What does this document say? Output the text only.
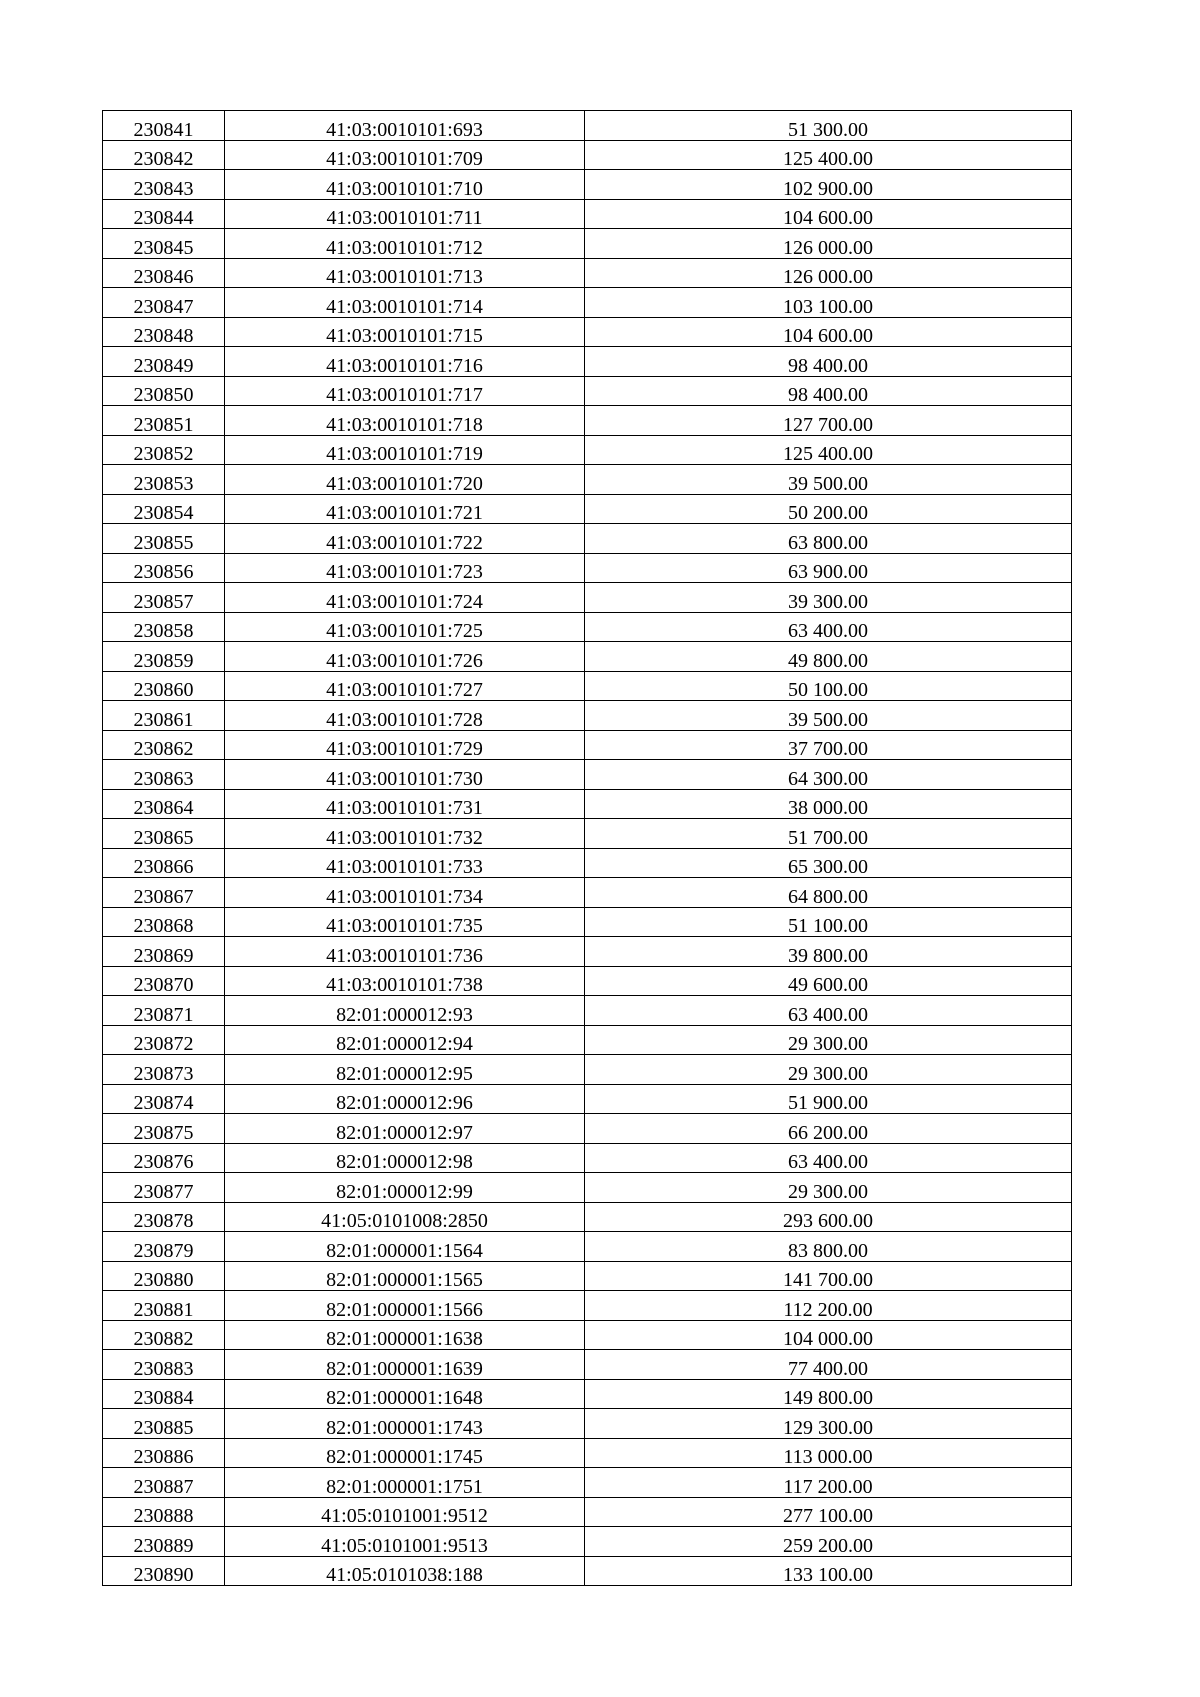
230841	41:03:0010101:693	51 300.00
230842	41:03:0010101:709	125 400.00
230843	41:03:0010101:710	102 900.00
230844	41:03:0010101:711	104 600.00
230845	41:03:0010101:712	126 000.00
230846	41:03:0010101:713	126 000.00
230847	41:03:0010101:714	103 100.00
230848	41:03:0010101:715	104 600.00
230849	41:03:0010101:716	98 400.00
230850	41:03:0010101:717	98 400.00
230851	41:03:0010101:718	127 700.00
230852	41:03:0010101:719	125 400.00
230853	41:03:0010101:720	39 500.00
230854	41:03:0010101:721	50 200.00
230855	41:03:0010101:722	63 800.00
230856	41:03:0010101:723	63 900.00
230857	41:03:0010101:724	39 300.00
230858	41:03:0010101:725	63 400.00
230859	41:03:0010101:726	49 800.00
230860	41:03:0010101:727	50 100.00
230861	41:03:0010101:728	39 500.00
230862	41:03:0010101:729	37 700.00
230863	41:03:0010101:730	64 300.00
230864	41:03:0010101:731	38 000.00
230865	41:03:0010101:732	51 700.00
230866	41:03:0010101:733	65 300.00
230867	41:03:0010101:734	64 800.00
230868	41:03:0010101:735	51 100.00
230869	41:03:0010101:736	39 800.00
230870	41:03:0010101:738	49 600.00
230871	82:01:000012:93	63 400.00
230872	82:01:000012:94	29 300.00
230873	82:01:000012:95	29 300.00
230874	82:01:000012:96	51 900.00
230875	82:01:000012:97	66 200.00
230876	82:01:000012:98	63 400.00
230877	82:01:000012:99	29 300.00
230878	41:05:0101008:2850	293 600.00
230879	82:01:000001:1564	83 800.00
230880	82:01:000001:1565	141 700.00
230881	82:01:000001:1566	112 200.00
230882	82:01:000001:1638	104 000.00
230883	82:01:000001:1639	77 400.00
230884	82:01:000001:1648	149 800.00
230885	82:01:000001:1743	129 300.00
230886	82:01:000001:1745	113 000.00
230887	82:01:000001:1751	117 200.00
230888	41:05:0101001:9512	277 100.00
230889	41:05:0101001:9513	259 200.00
230890	41:05:0101038:188	133 100.00
